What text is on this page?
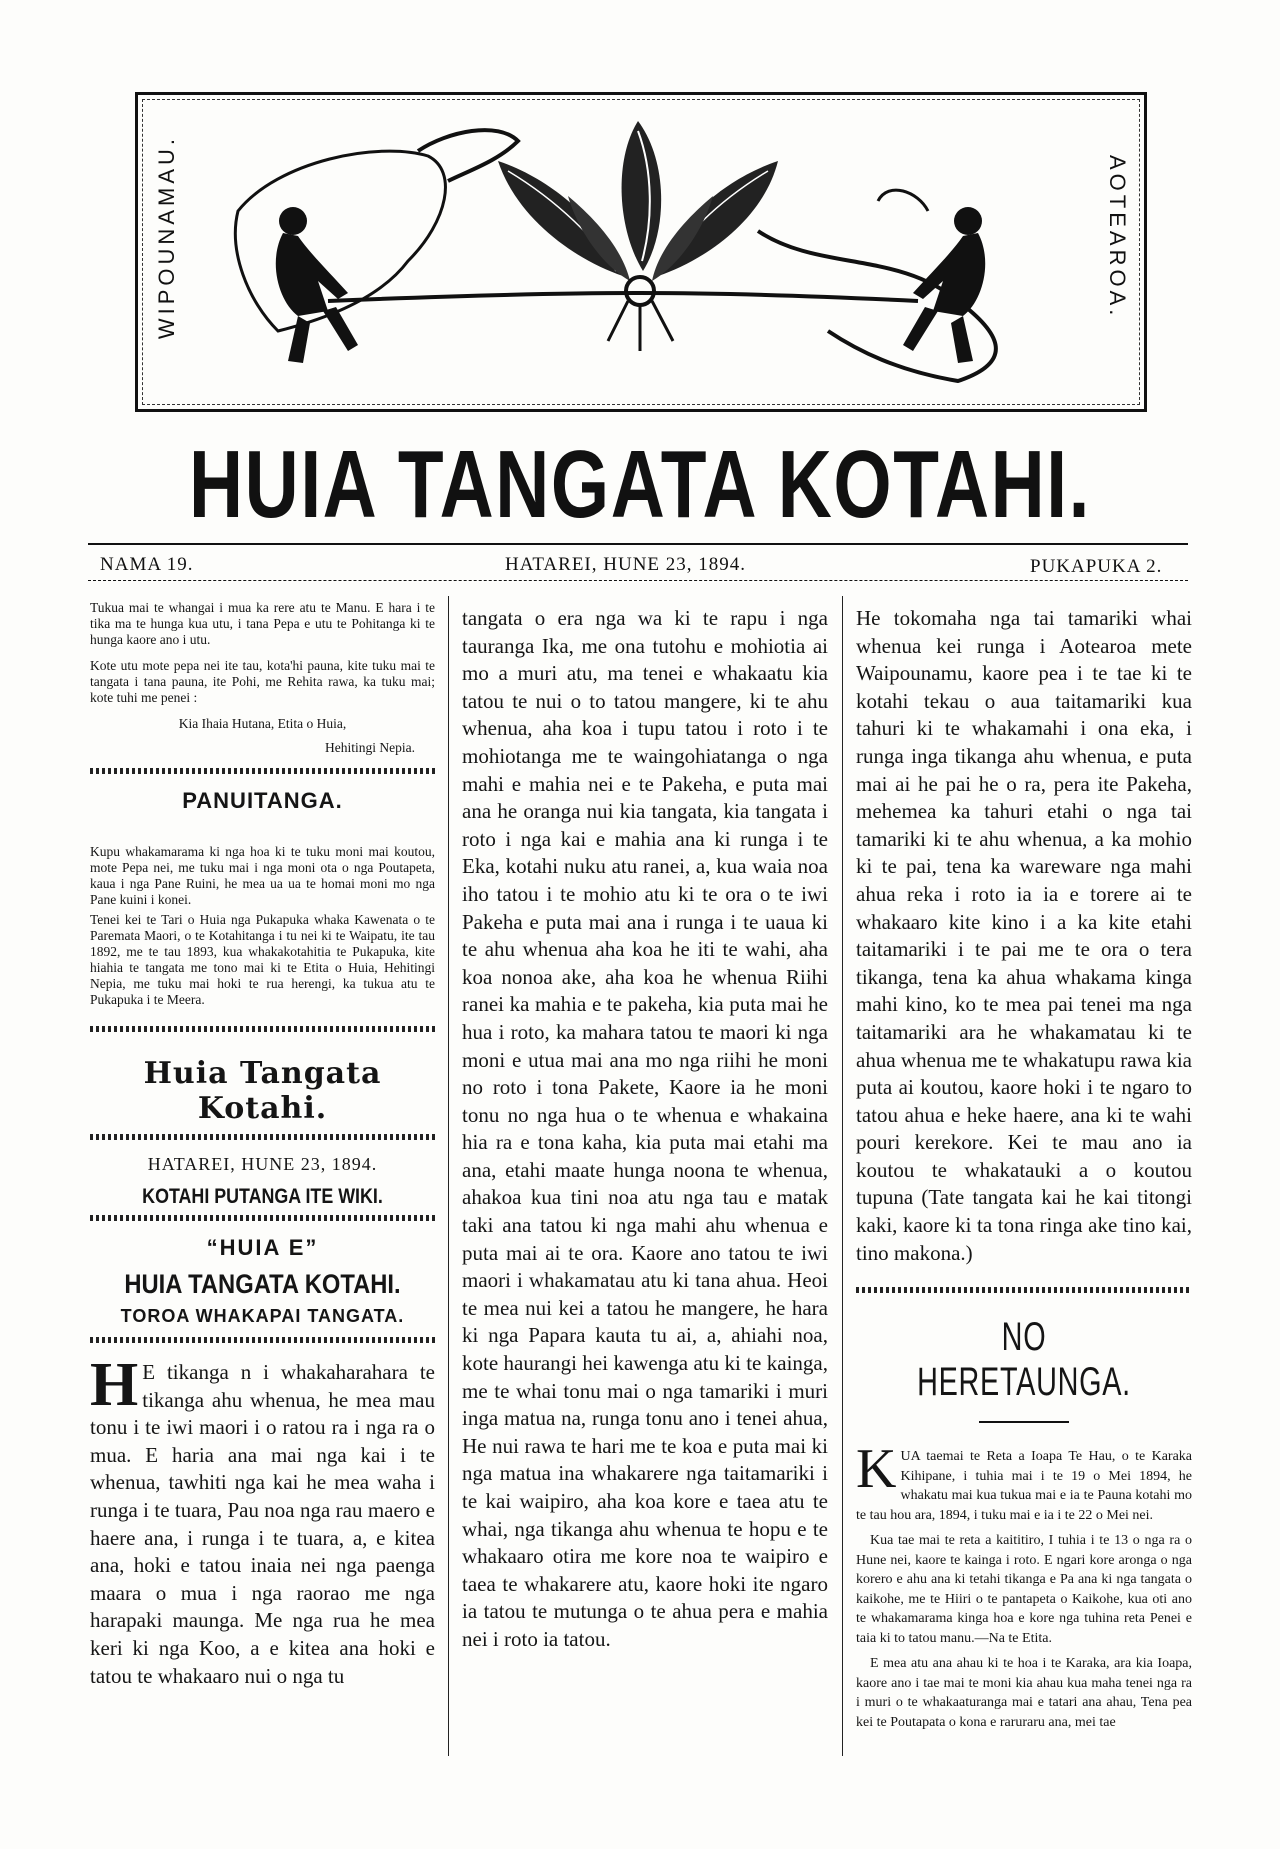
WIPOUNAMAU.	AOTEAROA.
HUIA TANGATA KOTAHI.
NAMA 19.	HATAREI, HUNE 23, 1894.	PUKAPUKA 2.

Tukua mai te whangai i mua ka rere atu te Manu. E hara i te tika ma te hunga kua utu, i tana Pepa e utu te Pohitanga ki te hunga kaore ano i utu.

Kote utu mote pepa nei ite tau, kota'hi pauna, kite tuku mai te tangata i tana pauna, ite Pohi, me Rehita rawa, ka tuku mai; kote tuhi me penei :

Kia Ihaia Hutana, Etita o Huia,

Hehitingi Nepia.

PANUITANGA.

Kupu whakamarama ki nga hoa ki te tuku moni mai koutou, mote Pepa nei, me tuku mai i nga moni ota o nga Poutapeta, kaua i nga Pane Ruini, he mea ua ua te homai moni mo nga Pane kuini i konei.

Tenei kei te Tari o Huia nga Pukapuka whaka Kawenata o te Paremata Maori, o te Kotahitanga i tu nei ki te Waipatu, ite tau 1892, me te tau 1893, kua whakakotahitia te Pukapuka, kite hiahia te tangata me tono mai ki te Etita o Huia, Hehitingi Nepia, me tuku mai hoki te rua herengi, ka tukua atu te Pukapuka i te Meera.

Huia Tangata Kotahi.
HATAREI, HUNE 23, 1894.
KOTAHI PUTANGA ITE WIKI.
“HUIA E”
HUIA TANGATA KOTAHI.
TOROA WHAKAPAI TANGATA.
H E tikanga n i whakaharahara te tikanga ahu whenua, he mea mau tonu i te iwi maori i o ratou ra i nga ra o mua. E haria ana mai nga kai i te whenua, tawhiti nga kai he mea waha i runga i te tuara, Pau noa nga rau maero e haere ana, i runga i te tuara, a, e kitea ana, hoki e tatou inaia nei nga paenga maara o mua i nga raorao me nga harapaki maunga. Me nga rua he mea keri ki nga Koo, a e kitea ana hoki e tatou te whakaaro nui o nga tu

tangata o era nga wa ki te rapu i nga tauranga Ika, me ona tutohu e mohiotia ai mo a muri atu, ma tenei e whakaatu kia tatou te nui o to tatou mangere, ki te ahu whenua, aha koa i tupu tatou i roto i te mohiotanga me te waingohiatanga o nga mahi e mahia nei e te Pakeha, e puta mai ana he oranga nui kia tangata, kia tangata i roto i nga kai e mahia ana ki runga i te Eka, kotahi nuku atu ranei, a, kua waia noa iho tatou i te mohio atu ki te ora o te iwi Pakeha e puta mai ana i runga i te uaua ki te ahu whenua aha koa he iti te wahi, aha koa nonoa ake, aha koa he whenua Riihi ranei ka mahia e te pakeha, kia puta mai he hua i roto, ka mahara tatou te maori ki nga moni e utua mai ana mo nga riihi he moni no roto i tona Pakete, Kaore ia he moni tonu no nga hua o te whenua e whakaina hia ra e tona kaha, kia puta mai etahi ma ana, etahi maate hunga noona te whenua, ahakoa kua tini noa atu nga tau e matak taki ana tatou ki nga mahi ahu whenua e puta mai ai te ora. Kaore ano tatou te iwi maori i whakamatau atu ki tana ahua. Heoi te mea nui kei a tatou he mangere, he hara ki nga Papara kauta tu ai, a, ahiahi noa, kote haurangi hei kawenga atu ki te kainga, me te whai tonu mai o nga tamariki i muri inga matua na, runga tonu ano i tenei ahua, He nui rawa te hari me te koa e puta mai ki nga matua ina whakarere nga taitamariki i te kai waipiro, aha koa kore e taea atu te whai, nga tikanga ahu whenua te hopu e te whakaaro otira me kore noa te waipiro e taea te whakarere atu, kaore hoki ite ngaro ia tatou te mutunga o te ahua pera e mahia nei i roto ia tatou.

He tokomaha nga tai tamariki whai whenua kei runga i Aotearoa mete Waipounamu, kaore pea i te tae ki te kotahi tekau o aua taitamariki kua tahuri ki te whakamahi i ona eka, i runga inga tikanga ahu whenua, e puta mai ai he pai he o ra, pera ite Pakeha, mehemea ka tahuri etahi o nga tai tamariki ki te ahu whenua, a ka mohio ki te pai, tena ka warewarе nga mahi ahua reka i roto ia ia e torere ai te whakaaro kite kino i a ka kite etahi taitamariki i te pai me te ora o tera tikanga, tena ka ahua whakama kinga mahi kino, ko te mea pai tenei ma nga taitamariki ara he whakamatau ki te ahua whenua me te whakatupu rawa kia puta ai koutou, kaore hoki i te ngaro to tatou ahua e heke haere, ana ki te wahi pouri kerekore. Kei te mau ano ia koutou te whakatauki a o koutou tupuna (Tate tangata kai he kai titongi kaki, kaore ki ta tona ringa ake tino kai, tino makona.)

NO HERETAUNGA.
K UA taemai te Reta a Ioapa Te Hau, o te Karaka Kihipane, i tuhia mai i te 19 o Mei 1894, he whakatu mai kua tukua mai e ia te Pauna kotahi mo te tau hou ara, 1894, i tuku mai e ia i te 22 o Mei nei.

Kua tae mai te reta a kaititiro, I tuhia i te 13 o nga ra o Hune nei, kaore te kainga i roto. E ngari kore aronga o nga korero e ahu ana ki tetahi tikanga e Pa ana ki nga tangata o kaikohe, me te Hiiri o te pantapeta o Kaikohe, kua oti ano te whakamarama kinga hoa e kore nga tuhina reta Penei e taia ki to tatou manu.—Na te Etita.

E mea atu ana ahau ki te hoa i te Karaka, ara kia Ioapa, kaore ano i tae mai te moni kia ahau kua maha tenei nga ra i muri o te whakaaturanga mai e tatari ana ahau, Tena pea kei te Poutapata o kona e raruraru ana, mei tae
